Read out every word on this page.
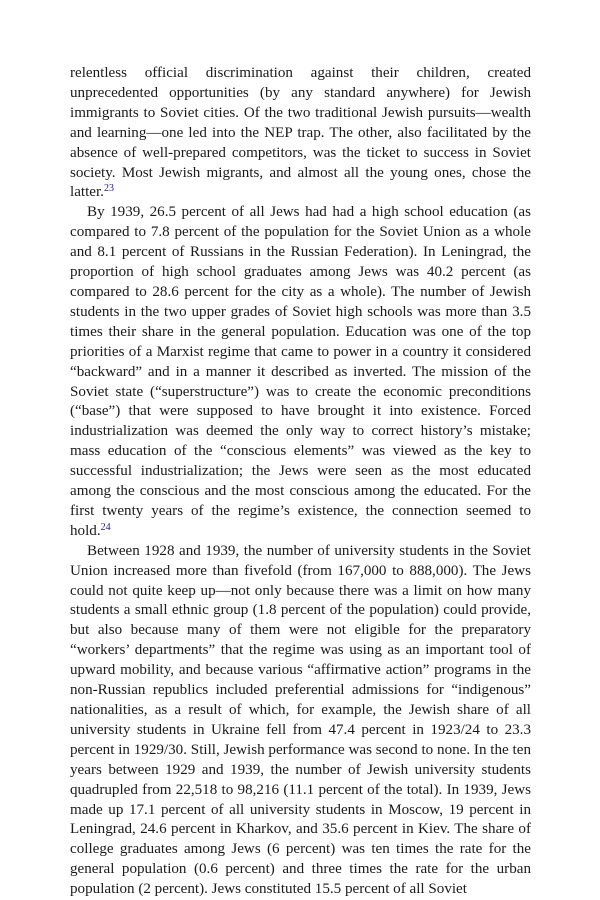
relentless official discrimination against their children, created unprecedented opportunities (by any standard anywhere) for Jewish immigrants to Soviet cities. Of the two traditional Jewish pursuits—wealth and learning—one led into the NEP trap. The other, also facilitated by the absence of well-prepared competitors, was the ticket to success in Soviet society. Most Jewish migrants, and almost all the young ones, chose the latter.$^{23}$

By 1939, 26.5 percent of all Jews had had a high school education (as compared to 7.8 percent of the population for the Soviet Union as a whole and 8.1 percent of Russians in the Russian Federation). In Leningrad, the proportion of high school graduates among Jews was 40.2 percent (as compared to 28.6 percent for the city as a whole). The number of Jewish students in the two upper grades of Soviet high schools was more than 3.5 times their share in the general population. Education was one of the top priorities of a Marxist regime that came to power in a country it considered “backward” and in a manner it described as inverted. The mission of the Soviet state (“superstructure”) was to create the economic preconditions (“base”) that were supposed to have brought it into existence. Forced industrialization was deemed the only way to correct history’s mistake; mass education of the “conscious elements” was viewed as the key to successful industrialization; the Jews were seen as the most educated among the conscious and the most conscious among the educated. For the first twenty years of the regime’s existence, the connection seemed to hold.$^{24}$

Between 1928 and 1939, the number of university students in the Soviet Union increased more than fivefold (from 167,000 to 888,000). The Jews could not quite keep up—not only because there was a limit on how many students a small ethnic group (1.8 percent of the population) could provide, but also because many of them were not eligible for the preparatory “workers’ departments” that the regime was using as an important tool of upward mobility, and because various “affirmative action” programs in the non-Russian republics included preferential admissions for “indigenous” nationalities, as a result of which, for example, the Jewish share of all university students in Ukraine fell from 47.4 percent in 1923/24 to 23.3 percent in 1929/30. Still, Jewish performance was second to none. In the ten years between 1929 and 1939, the number of Jewish university students quadrupled from 22,518 to 98,216 (11.1 percent of the total). In 1939, Jews made up 17.1 percent of all university students in Moscow, 19 percent in Leningrad, 24.6 percent in Kharkov, and 35.6 percent in Kiev. The share of college graduates among Jews (6 percent) was ten times the rate for the general population (0.6 percent) and three times the rate for the urban population (2 percent). Jews constituted 15.5 percent of all Soviet
